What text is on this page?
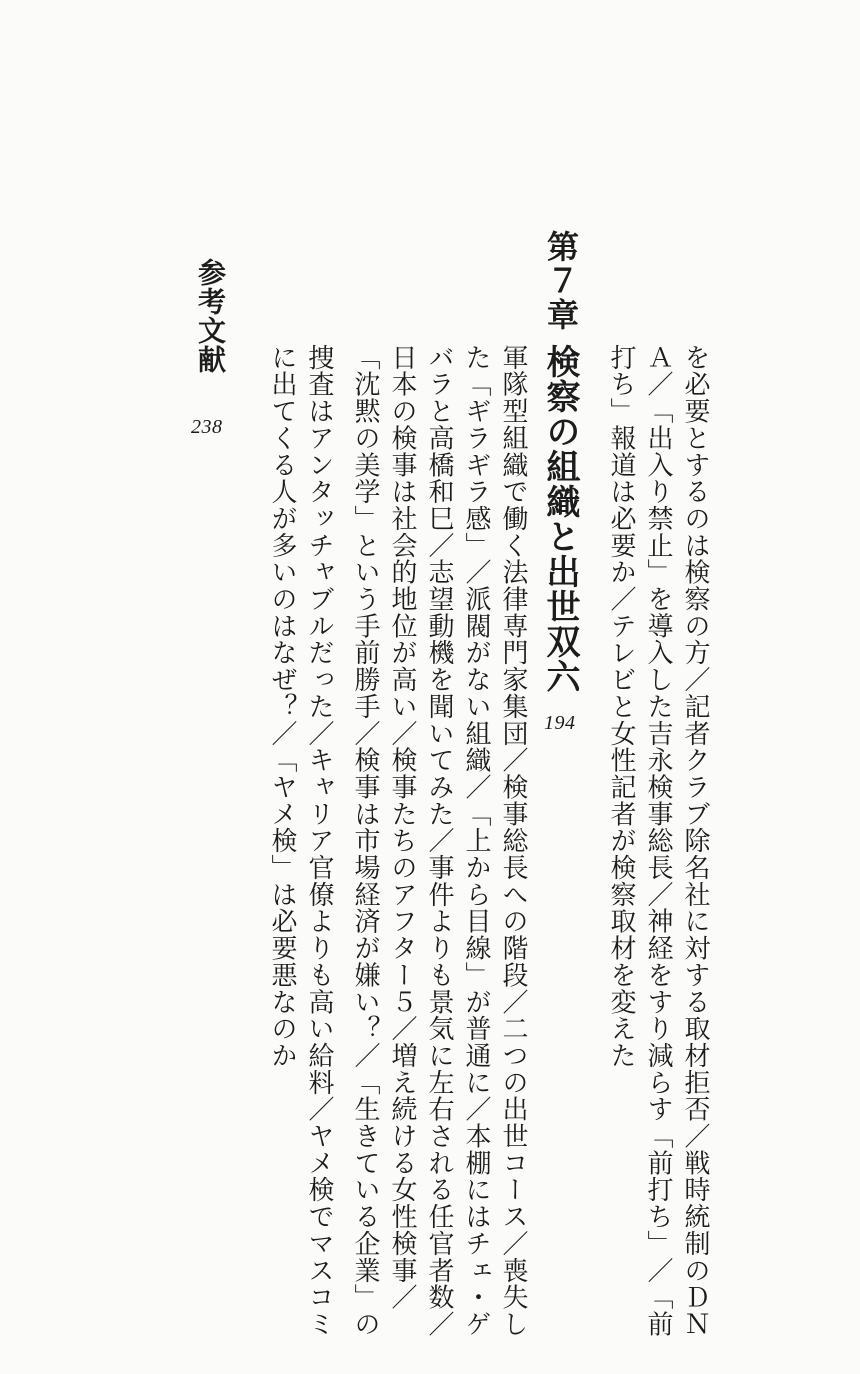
を必要とするのは検察の方／記者クラブ除名社に対する取材拒否／戦時統制のＤＮ

Ａ／「出入り禁止」を導入した吉永検事総長／神経をすり減らす「前打ち」／「前

打ち」報道は必要か／テレビと女性記者が検察取材を変えた

第７章
検察の組織と出世双六
194

軍隊型組織で働く法律専門家集団／検事総長への階段／二つの出世コース／喪失し

た「ギラギラ感」／派閥がない組織／「上から目線」が普通に／本棚にはチェ・ゲ

バラと高橋和巳／志望動機を聞いてみた／事件よりも景気に左右される任官者数／

日本の検事は社会的地位が高い／検事たちのアフター５／増え続ける女性検事／

「沈黙の美学」という手前勝手／検事は市場経済が嫌い？／「生きている企業」の

捜査はアンタッチャブルだった／キャリア官僚よりも高い給料／ヤメ検でマスコミ

に出てくる人が多いのはなぜ？／「ヤメ検」は必要悪なのか

参考文献
238
